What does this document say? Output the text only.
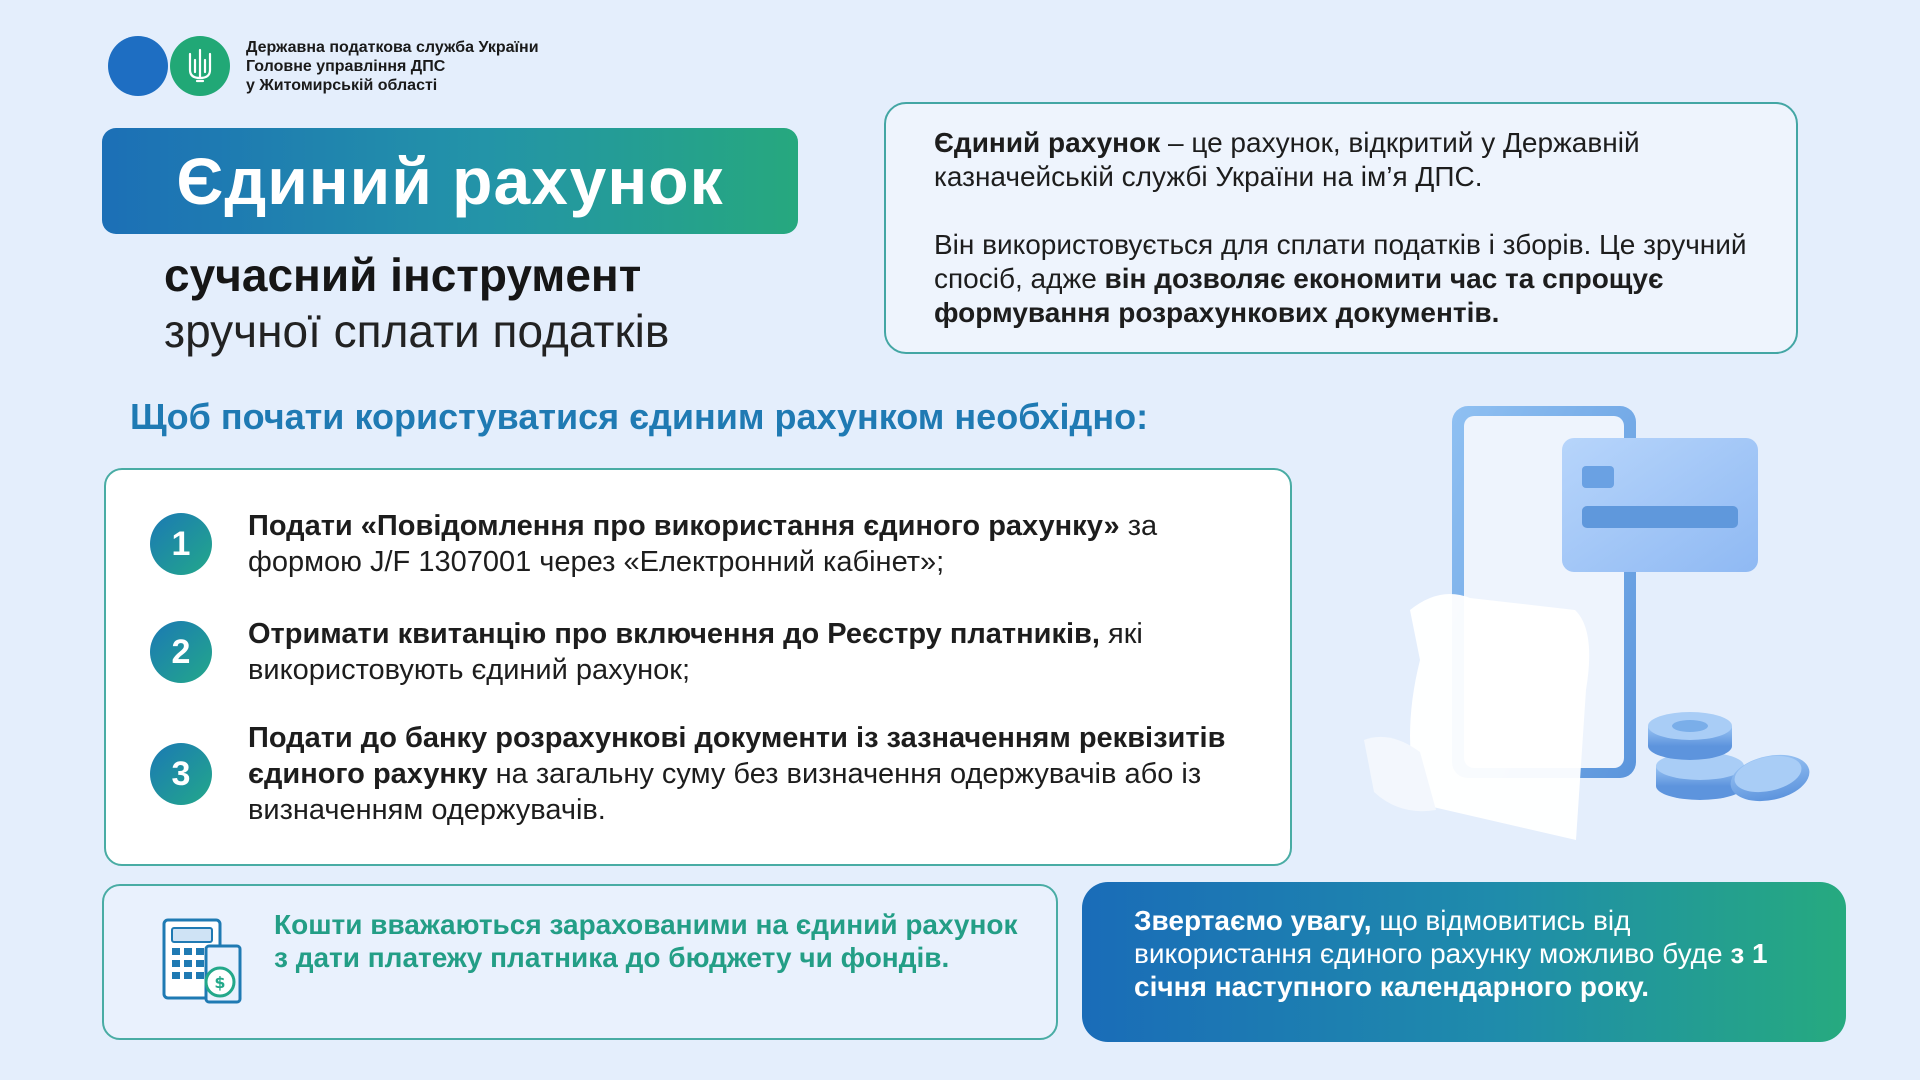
Державна податкова служба України
Головне управління ДПС
у Житомирській області
Єдиний рахунок
сучасний інструмент
зручної сплати податків

Єдиний рахунок – це рахунок, відкритий у Державній казначейській службі України на ім’я ДПС.

Він використовується для сплати податків і зборів. Це зручний спосіб, адже він дозволяє економити час та спрощує формування розрахункових документів.

Щоб почати користуватися єдиним рахунком необхідно:
1	Подати «Повідомлення про використання єдиного рахунку» за формою J/F 1307001 через «Електронний кабінет»;
2	Отримати квитанцію про включення до Реєстру платників, які використовують єдиний рахунок;
3
Подати до банку розрахункові документи із зазначенням реквізитів єдиного рахунку на загальну суму без визначення одержувачів або із визначенням одержувачів.
$
Кошти вважаються зарахованими на єдиний рахунок з дати платежу платника до бюджету чи фондів.
Звертаємо увагу, що відмовитись від використання єдиного рахунку можливо буде з 1 січня наступного календарного року.
